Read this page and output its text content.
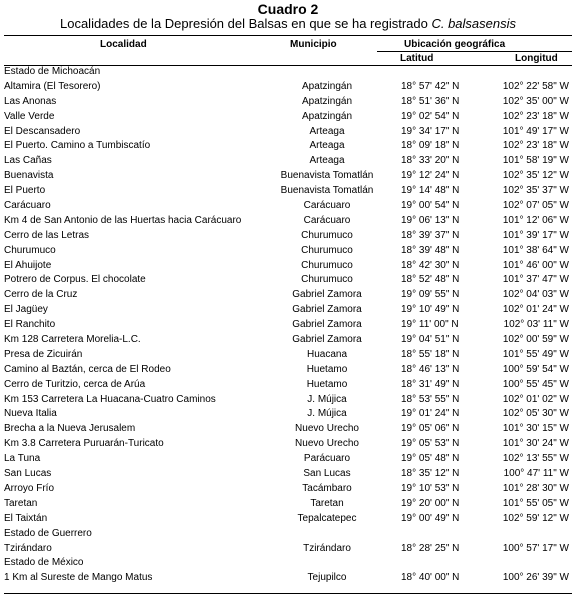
Cuadro 2
Localidades de la Depresión del Balsas en que se ha registrado C. balsasensis
Localidad	Municipio	Ubicación geográfica
Latitud	Longitud
Estado de Michoacán
Altamira (El Tesorero)	Apatzingán	18° 57' 42" N	102° 22' 58" W
Las Anonas	Apatzingán	18° 51' 36" N	102° 35' 00" W
Valle Verde	Apatzingán	19° 02' 54" N	102° 23' 18" W
El Descansadero	Arteaga	19° 34' 17" N	101° 49' 17" W
El Puerto. Camino a Tumbiscatío	Arteaga	18° 09' 18" N	102° 23' 18" W
Las Cañas	Arteaga	18° 33' 20" N	101° 58' 19" W
Buenavista	Buenavista Tomatlán	19° 12' 24" N	102° 35' 12" W
El Puerto	Buenavista Tomatlán	19° 14' 48" N	102° 35' 37" W
Carácuaro	Carácuaro	19° 00' 54" N	102° 07' 05" W
Km 4 de San Antonio de las Huertas hacia Carácuaro	Carácuaro	19° 06' 13" N	101° 12' 06" W
Cerro de las Letras	Churumuco	18° 39' 37" N	101° 39' 17" W
Churumuco	Churumuco	18° 39' 48" N	101° 38' 64" W
El Ahuijote	Churumuco	18° 42' 30" N	101° 46' 00" W
Potrero de Corpus. El chocolate	Churumuco	18° 52' 48" N	101° 37' 47" W
Cerro de la Cruz	Gabriel Zamora	19° 09' 55" N	102° 04' 03" W
El Jagüey	Gabriel Zamora	19° 10' 49" N	102° 01' 24" W
El Ranchito	Gabriel Zamora	19° 11' 00" N	102° 03' 11" W
Km 128 Carretera Morelia-L.C.	Gabriel Zamora	19° 04' 51" N	102° 00' 59" W
Presa de Zicuirán	Huacana	18° 55' 18" N	101° 55' 49" W
Camino al Baztán, cerca de El Rodeo	Huetamo	18° 46' 13" N	100° 59' 54" W
Cerro de Turitzio, cerca de Arúa	Huetamo	18° 31' 49" N	100° 55' 45" W
Km 153 Carretera La Huacana-Cuatro Caminos	J. Mújica	18° 53' 55" N	102° 01' 02" W
Nueva Italia	J. Mújica	19° 01' 24" N	102° 05' 30" W
Brecha a la Nueva Jerusalem	Nuevo Urecho	19° 05' 06" N	101° 30' 15" W
Km 3.8 Carretera Puruarán-Turicato	Nuevo Urecho	19° 05' 53" N	101° 30' 24" W
La Tuna	Parácuaro	19° 05' 48" N	102° 13' 55" W
San Lucas	San Lucas	18° 35' 12" N	100° 47' 11" W
Arroyo Frío	Tacámbaro	19° 10' 53" N	101° 28' 30" W
Taretan	Taretan	19° 20' 00" N	101° 55' 05" W
El Taixtán	Tepalcatepec	19° 00' 49" N	102° 59' 12" W
Estado de Guerrero
Tzirándaro	Tzirándaro	18° 28' 25" N	100° 57' 17" W
Estado de México
1 Km al Sureste de Mango Matus	Tejupilco	18° 40' 00" N	100° 26' 39" W
